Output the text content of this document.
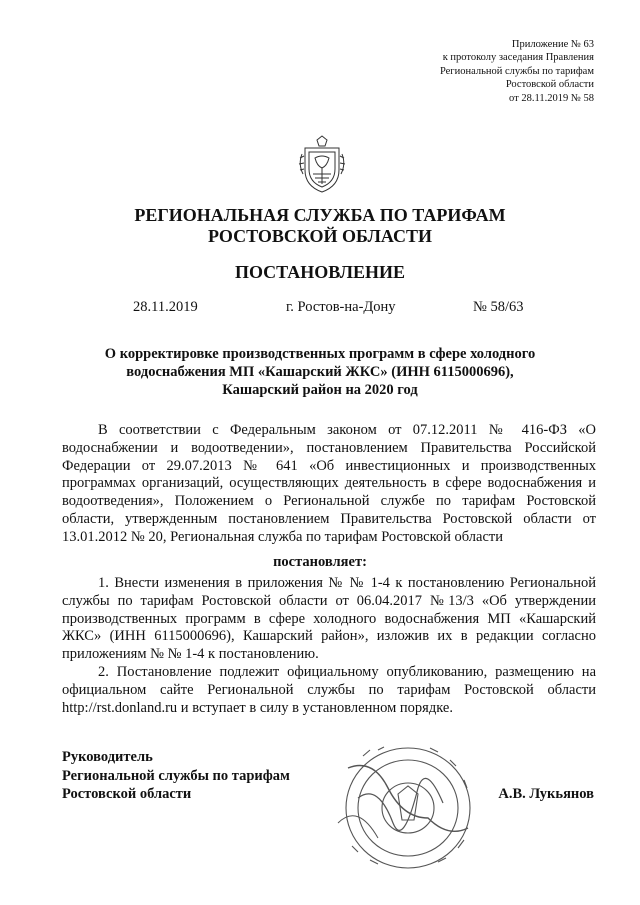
Приложение № 63
к протоколу заседания Правления
Региональной службы по тарифам
Ростовской области
от 28.11.2019 № 58
РЕГИОНАЛЬНАЯ СЛУЖБА ПО ТАРИФАМ
РОСТОВСКОЙ ОБЛАСТИ
ПОСТАНОВЛЕНИЕ
28.11.2019	г. Ростов-на-Дону	№ 58/63
О корректировке производственных программ в сфере холодного
водоснабжения МП «Кашарский ЖКС» (ИНН 6115000696),
Кашарский район на 2020 год
В соответствии с Федеральным законом от 07.12.2011 № 416-ФЗ «О водоснабжении и водоотведении», постановлением Правительства Российской Федерации от 29.07.2013 № 641 «Об инвестиционных и производственных программах организаций, осуществляющих деятельность в сфере водоснабжения и водоотведения», Положением о Региональной службе по тарифам Ростовской области, утвержденным постановлением Правительства Ростовской области от 13.01.2012 № 20, Региональная служба по тарифам Ростовской области
постановляет:
1. Внести изменения в приложения № № 1-4 к постановлению Региональной службы по тарифам Ростовской области от 06.04.2017 №13/3 «Об утверждении производственных программ в сфере холодного водоснабжения МП «Кашарский ЖКС» (ИНН 6115000696), Кашарский район», изложив их в редакции согласно приложениям № № 1-4 к постановлению.
2. Постановление подлежит официальному опубликованию, размещению на официальном сайте Региональной службы по тарифам Ростовской области http://rst.donland.ru и вступает в силу в установленном порядке.
Руководитель
Региональной службы по тарифам
Ростовской области	А.В. Лукьянов
